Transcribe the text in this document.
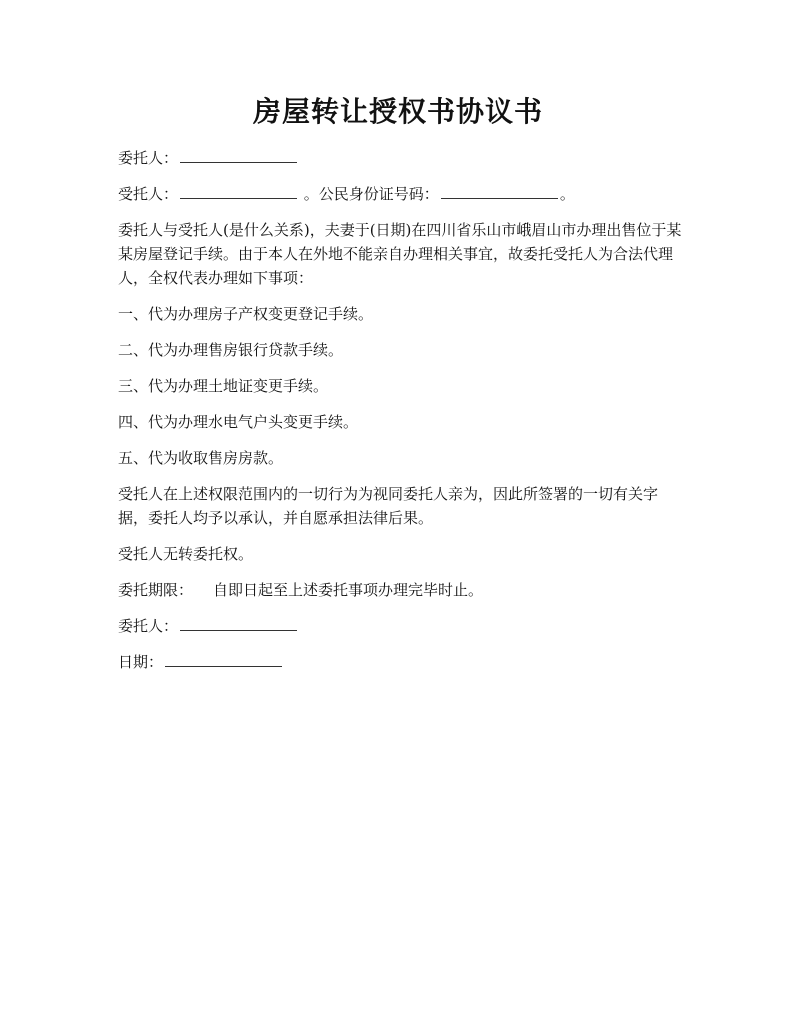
房屋转让授权书协议书

委托人：

受托人：	。公民身份证号码：	。

委托人与受托人(是什么关系)，夫妻于(日期)在四川省乐山市峨眉山市办理出售位于某某房屋登记手续。由于本人在外地不能亲自办理相关事宜，故委托受托人为合法代理人，全权代表办理如下事项：

一、代为办理房子产权变更登记手续。

二、代为办理售房银行贷款手续。

三、代为办理土地证变更手续。

四、代为办理水电气户头变更手续。

五、代为收取售房房款。

受托人在上述权限范围内的一切行为为视同委托人亲为，因此所签署的一切有关字据，委托人均予以承认，并自愿承担法律后果。

受托人无转委托权。

委托期限： 自即日起至上述委托事项办理完毕时止。

委托人：

日期：
